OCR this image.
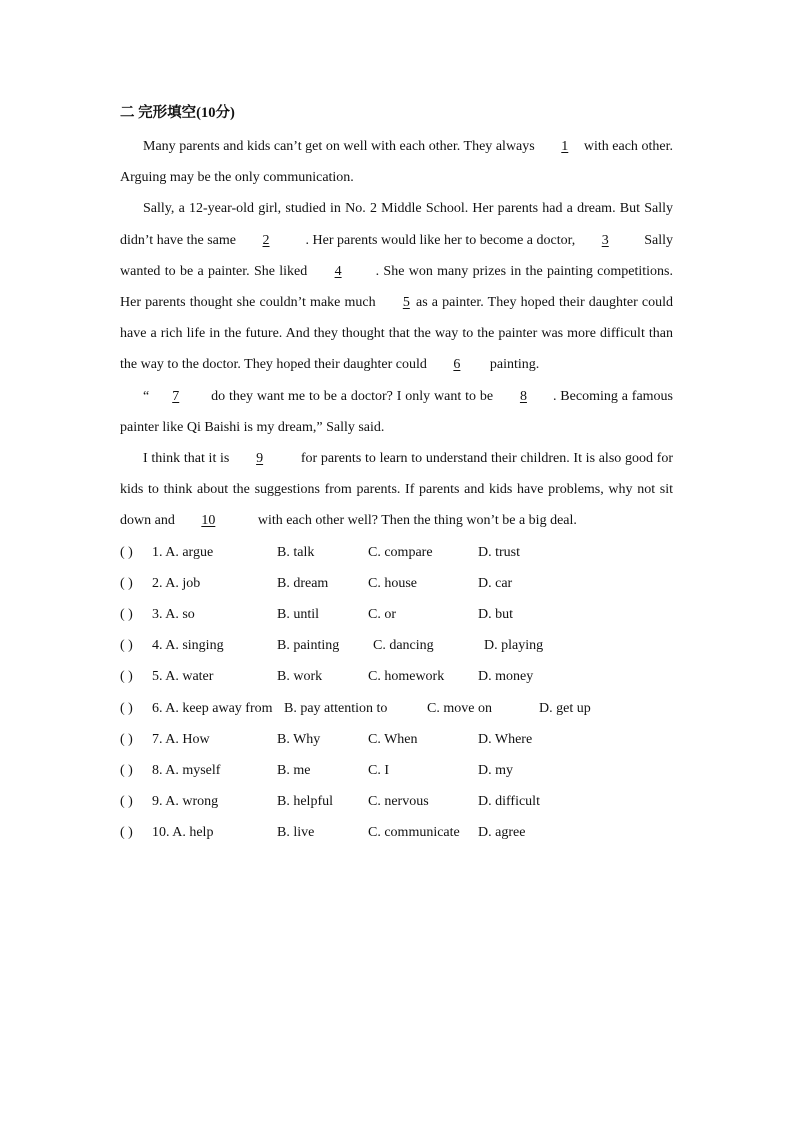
二 完形填空(10分)

Many parents and kids can’t get on well with each other. They always 1 with each other. Arguing may be the only communication.

Sally, a 12-year-old girl, studied in No. 2 Middle School. Her parents had a dream. But Sally didn’t have the same 2	. Her parents would like her to become a doctor, 3	Sally wanted to be a painter. She liked 4 . She won many prizes in the painting competitions. Her parents thought she couldn’t make much 5 as a painter. They hoped their daughter could have a rich life in the future. And they thought that the way to the painter was more difficult than the way to the doctor. They hoped their daughter could 6 painting.

“ 7 do they want me to be a doctor? I only want to be 8 . Becoming a famous painter like Qi Baishi is my dream,” Sally said.

I think that it is 9	for parents to learn to understand their children. It is also good for kids to think about the suggestions from parents. If parents and kids have problems, why not sit down and 10	with each other well? Then the thing won’t be a big deal.

( ) 1. A. argue	B. talk	C. compare	D. trust
( ) 2. A. job	B. dream	C. house	D. car
( ) 3. A. so	B. until	C. or	D. but
( ) 4. A. singing	B. painting C. dancing	D. playing
( ) 5. A. water	B. work	C. homework D. money
( ) 6. A. keep away from B. pay attention to	C. move on	D. get up
( ) 7. A. How	B. Why	C. When	D. Where
( ) 8. A. myself	B. me	C. I	D. my
( ) 9. A. wrong	B. helpful	C. nervous	D. difficult
( ) 10. A. help	B. live	C. communicate D. agree
